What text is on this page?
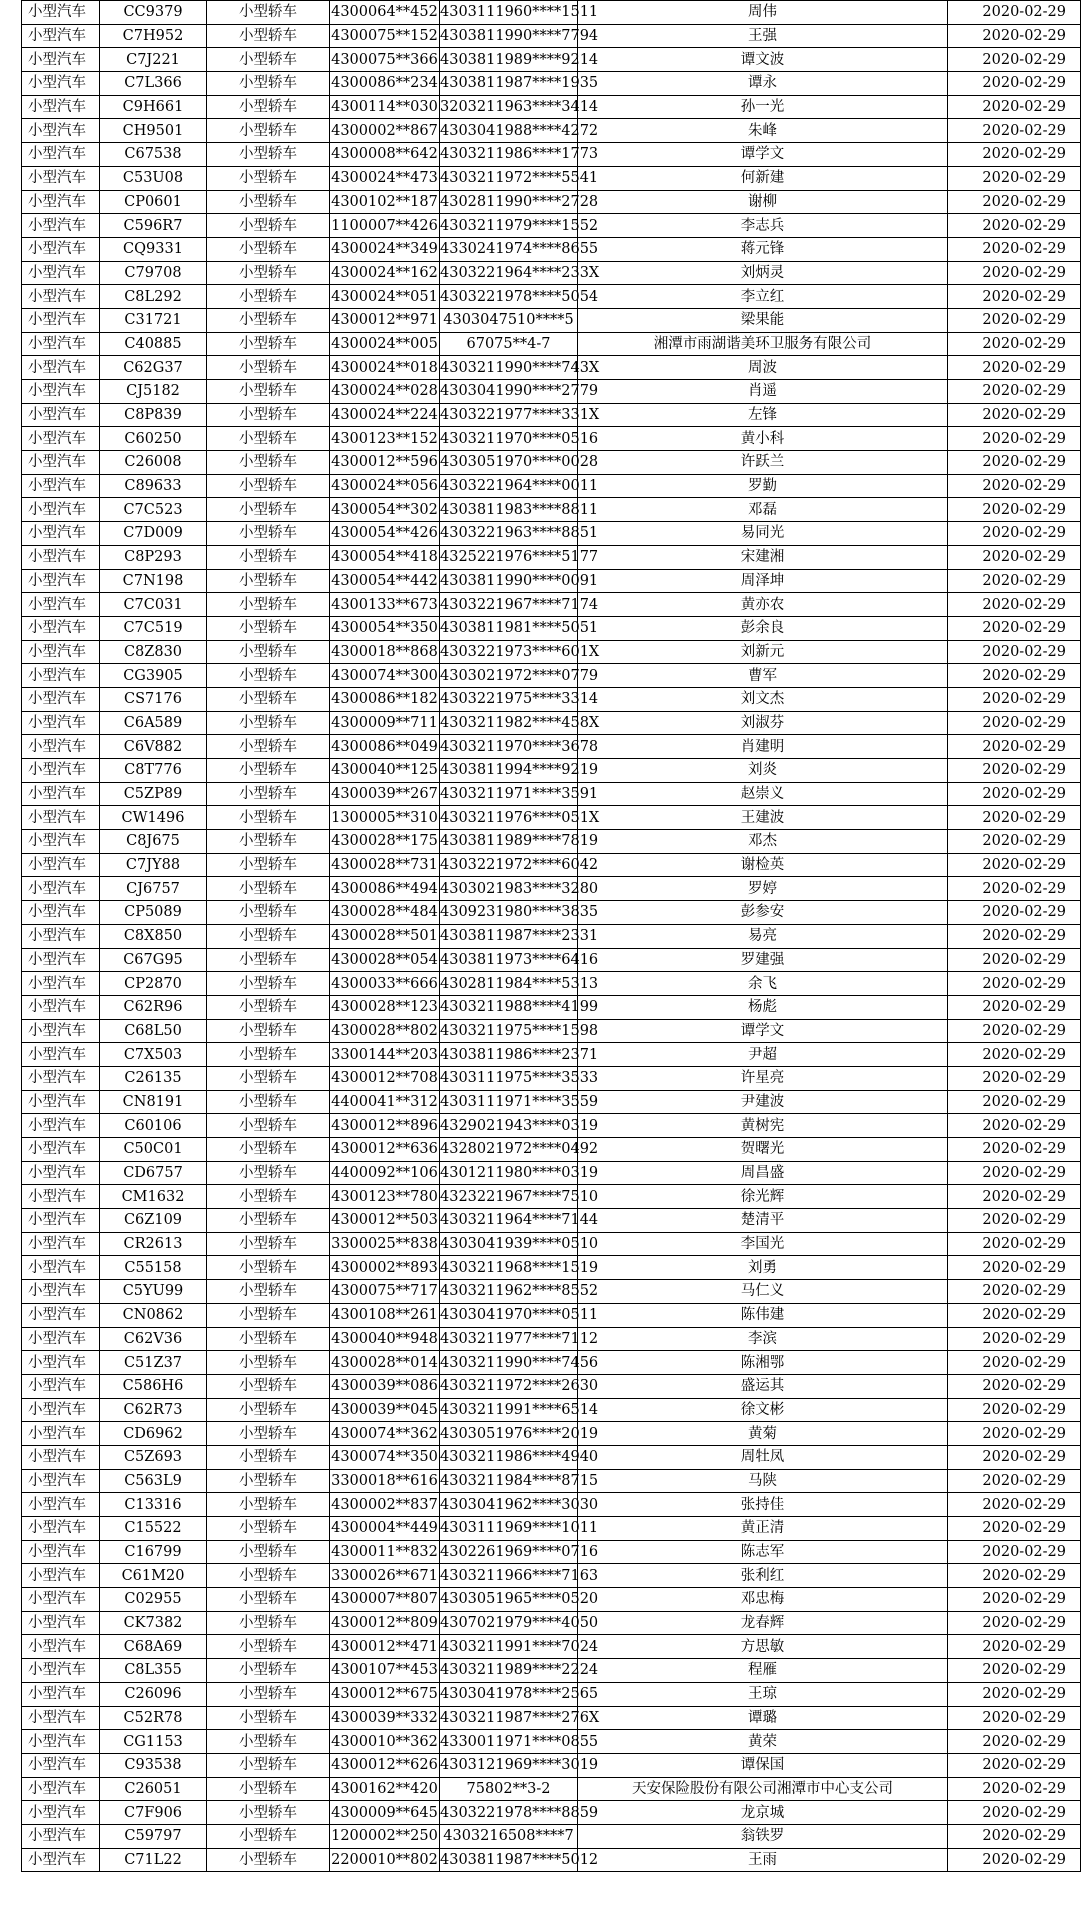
小型汽车	CC9379	小型轿车	4300064**452	4303111960****1511	周伟	2020-02-29
小型汽车	C7H952	小型轿车	4300075**152	4303811990****7794	王强	2020-02-29
小型汽车	C7J221	小型轿车	4300075**366	4303811989****9214	谭文波	2020-02-29
小型汽车	C7L366	小型轿车	4300086**234	4303811987****1935	谭永	2020-02-29
小型汽车	C9H661	小型轿车	4300114**030	3203211963****3414	孙一光	2020-02-29
小型汽车	CH9501	小型轿车	4300002**867	4303041988****4272	朱峰	2020-02-29
小型汽车	C67538	小型轿车	4300008**642	4303211986****1773	谭学文	2020-02-29
小型汽车	C53U08	小型轿车	4300024**473	4303211972****5541	何新建	2020-02-29
小型汽车	CP0601	小型轿车	4300102**187	4302811990****2728	谢柳	2020-02-29
小型汽车	C596R7	小型轿车	1100007**426	4303211979****1552	李志兵	2020-02-29
小型汽车	CQ9331	小型轿车	4300024**349	4330241974****8655	蒋元锋	2020-02-29
小型汽车	C79708	小型轿车	4300024**162	4303221964****233X	刘炳灵	2020-02-29
小型汽车	C8L292	小型轿车	4300024**051	4303221978****5054	李立红	2020-02-29
小型汽车	C31721	小型轿车	4300012**971	4303047510****5	梁果能	2020-02-29
小型汽车	C40885	小型轿车	4300024**005	67075**4-7	湘潭市雨湖谐美环卫服务有限公司	2020-02-29
小型汽车	C62G37	小型轿车	4300024**018	4303211990****743X	周波	2020-02-29
小型汽车	CJ5182	小型轿车	4300024**028	4303041990****2779	肖遥	2020-02-29
小型汽车	C8P839	小型轿车	4300024**224	4303221977****331X	左锋	2020-02-29
小型汽车	C60250	小型轿车	4300123**152	4303211970****0516	黄小科	2020-02-29
小型汽车	C26008	小型轿车	4300012**596	4303051970****0028	许跃兰	2020-02-29
小型汽车	C89633	小型轿车	4300024**056	4303221964****0011	罗勤	2020-02-29
小型汽车	C7C523	小型轿车	4300054**302	4303811983****8811	邓磊	2020-02-29
小型汽车	C7D009	小型轿车	4300054**426	4303221963****8851	易同光	2020-02-29
小型汽车	C8P293	小型轿车	4300054**418	4325221976****5177	宋建湘	2020-02-29
小型汽车	C7N198	小型轿车	4300054**442	4303811990****0091	周泽坤	2020-02-29
小型汽车	C7C031	小型轿车	4300133**673	4303221967****7174	黄亦农	2020-02-29
小型汽车	C7C519	小型轿车	4300054**350	4303811981****5051	彭余良	2020-02-29
小型汽车	C8Z830	小型轿车	4300018**868	4303221973****601X	刘新元	2020-02-29
小型汽车	CG3905	小型轿车	4300074**300	4303021972****0779	曹军	2020-02-29
小型汽车	CS7176	小型轿车	4300086**182	4303221975****3314	刘文杰	2020-02-29
小型汽车	C6A589	小型轿车	4300009**711	4303211982****458X	刘淑芬	2020-02-29
小型汽车	C6V882	小型轿车	4300086**049	4303211970****3678	肖建明	2020-02-29
小型汽车	C8T776	小型轿车	4300040**125	4303811994****9219	刘炎	2020-02-29
小型汽车	C5ZP89	小型轿车	4300039**267	4303211971****3591	赵崇义	2020-02-29
小型汽车	CW1496	小型轿车	1300005**310	4303211976****051X	王建波	2020-02-29
小型汽车	C8J675	小型轿车	4300028**175	4303811989****7819	邓杰	2020-02-29
小型汽车	C7JY88	小型轿车	4300028**731	4303221972****6042	谢检英	2020-02-29
小型汽车	CJ6757	小型轿车	4300086**494	4303021983****3280	罗婷	2020-02-29
小型汽车	CP5089	小型轿车	4300028**484	4309231980****3835	彭参安	2020-02-29
小型汽车	C8X850	小型轿车	4300028**501	4303811987****2331	易亮	2020-02-29
小型汽车	C67G95	小型轿车	4300028**054	4303811973****6416	罗建强	2020-02-29
小型汽车	CP2870	小型轿车	4300033**666	4302811984****5313	余飞	2020-02-29
小型汽车	C62R96	小型轿车	4300028**123	4303211988****4199	杨彪	2020-02-29
小型汽车	C68L50	小型轿车	4300028**802	4303211975****1598	谭学文	2020-02-29
小型汽车	C7X503	小型轿车	3300144**203	4303811986****2371	尹超	2020-02-29
小型汽车	C26135	小型轿车	4300012**708	4303111975****3533	许星亮	2020-02-29
小型汽车	CN8191	小型轿车	4400041**312	4303111971****3559	尹建波	2020-02-29
小型汽车	C60106	小型轿车	4300012**896	4329021943****0319	黄树宪	2020-02-29
小型汽车	C50C01	小型轿车	4300012**636	4328021972****0492	贺曙光	2020-02-29
小型汽车	CD6757	小型轿车	4400092**106	4301211980****0319	周昌盛	2020-02-29
小型汽车	CM1632	小型轿车	4300123**780	4323221967****7510	徐光辉	2020-02-29
小型汽车	C6Z109	小型轿车	4300012**503	4303211964****7144	楚清平	2020-02-29
小型汽车	CR2613	小型轿车	3300025**838	4303041939****0510	李国光	2020-02-29
小型汽车	C55158	小型轿车	4300002**893	4303211968****1519	刘勇	2020-02-29
小型汽车	C5YU99	小型轿车	4300075**717	4303211962****8552	马仁义	2020-02-29
小型汽车	CN0862	小型轿车	4300108**261	4303041970****0511	陈伟建	2020-02-29
小型汽车	C62V36	小型轿车	4300040**948	4303211977****7112	李滨	2020-02-29
小型汽车	C51Z37	小型轿车	4300028**014	4303211990****7456	陈湘鄂	2020-02-29
小型汽车	C586H6	小型轿车	4300039**086	4303211972****2630	盛运其	2020-02-29
小型汽车	C62R73	小型轿车	4300039**045	4303211991****6514	徐文彬	2020-02-29
小型汽车	CD6962	小型轿车	4300074**362	4303051976****2019	黄菊	2020-02-29
小型汽车	C5Z693	小型轿车	4300074**350	4303211986****4940	周牡凤	2020-02-29
小型汽车	C563L9	小型轿车	3300018**616	4303211984****8715	马陕	2020-02-29
小型汽车	C13316	小型轿车	4300002**837	4303041962****3030	张持佳	2020-02-29
小型汽车	C15522	小型轿车	4300004**449	4303111969****1011	黄正清	2020-02-29
小型汽车	C16799	小型轿车	4300011**832	4302261969****0716	陈志军	2020-02-29
小型汽车	C61M20	小型轿车	3300026**671	4303211966****7163	张利红	2020-02-29
小型汽车	C02955	小型轿车	4300007**807	4303051965****0520	邓忠梅	2020-02-29
小型汽车	CK7382	小型轿车	4300012**809	4307021979****4050	龙春辉	2020-02-29
小型汽车	C68A69	小型轿车	4300012**471	4303211991****7024	方思敏	2020-02-29
小型汽车	C8L355	小型轿车	4300107**453	4303211989****2224	程雁	2020-02-29
小型汽车	C26096	小型轿车	4300012**675	4303041978****2565	王琼	2020-02-29
小型汽车	C52R78	小型轿车	4300039**332	4303211987****276X	谭璐	2020-02-29
小型汽车	CG1153	小型轿车	4300010**362	4330011971****0855	黄荣	2020-02-29
小型汽车	C93538	小型轿车	4300012**626	4303121969****3019	谭保国	2020-02-29
小型汽车	C26051	小型轿车	4300162**420	75802**3-2	天安保险股份有限公司湘潭市中心支公司	2020-02-29
小型汽车	C7F906	小型轿车	4300009**645	4303221978****8859	龙京城	2020-02-29
小型汽车	C59797	小型轿车	1200002**250	4303216508****7	翁铁罗	2020-02-29
小型汽车	C71L22	小型轿车	2200010**802	4303811987****5012	王雨	2020-02-29
